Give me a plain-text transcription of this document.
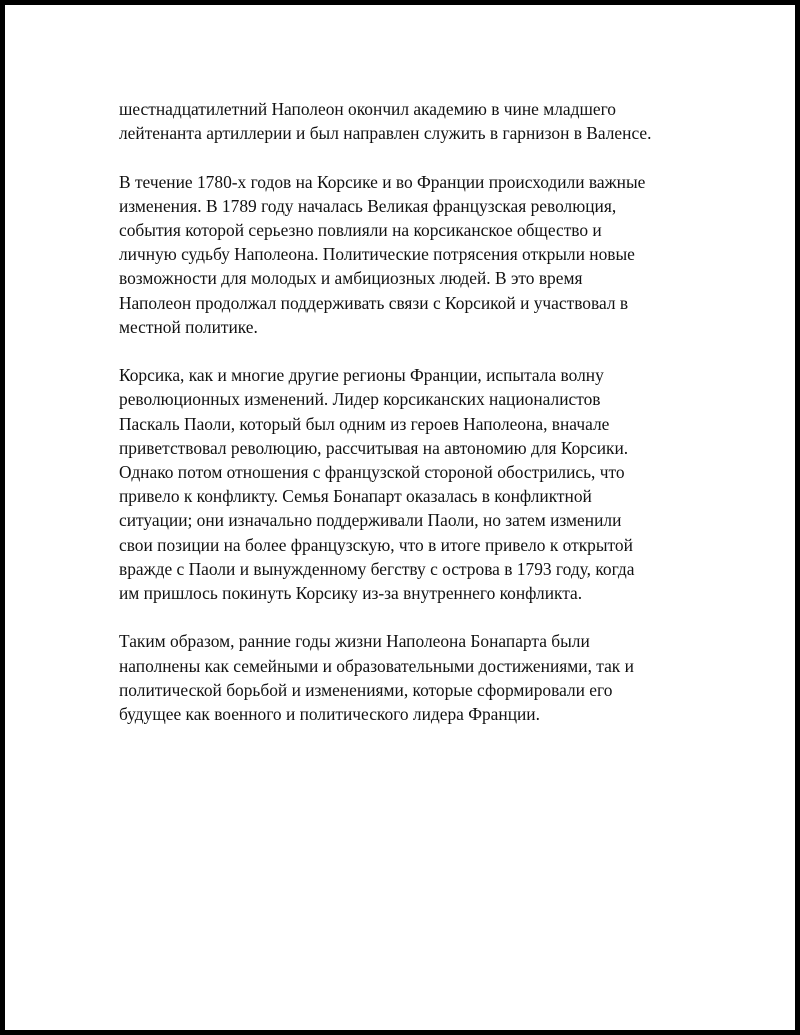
шестнадцатилетний Наполеон окончил академию в чине младшего
лейтенанта артиллерии и был направлен служить в гарнизон в Валенсе.

В течение 1780-х годов на Корсике и во Франции происходили важные
изменения. В 1789 году началась Великая французская революция,
события которой серьезно повлияли на корсиканское общество и
личную судьбу Наполеона. Политические потрясения открыли новые
возможности для молодых и амбициозных людей. В это время
Наполеон продолжал поддерживать связи с Корсикой и участвовал в
местной политике.

Корсика, как и многие другие регионы Франции, испытала волну
революционных изменений. Лидер корсиканских националистов
Паскаль Паоли, который был одним из героев Наполеона, вначале
приветствовал революцию, рассчитывая на автономию для Корсики.
Однако потом отношения с французской стороной обострились, что
привело к конфликту. Семья Бонапарт оказалась в конфликтной
ситуации; они изначально поддерживали Паоли, но затем изменили
свои позиции на более французскую, что в итоге привело к открытой
вражде с Паоли и вынужденному бегству с острова в 1793 году, когда
им пришлось покинуть Корсику из-за внутреннего конфликта.

Таким образом, ранние годы жизни Наполеона Бонапарта были
наполнены как семейными и образовательными достижениями, так и
политической борьбой и изменениями, которые сформировали его
будущее как военного и политического лидера Франции.
